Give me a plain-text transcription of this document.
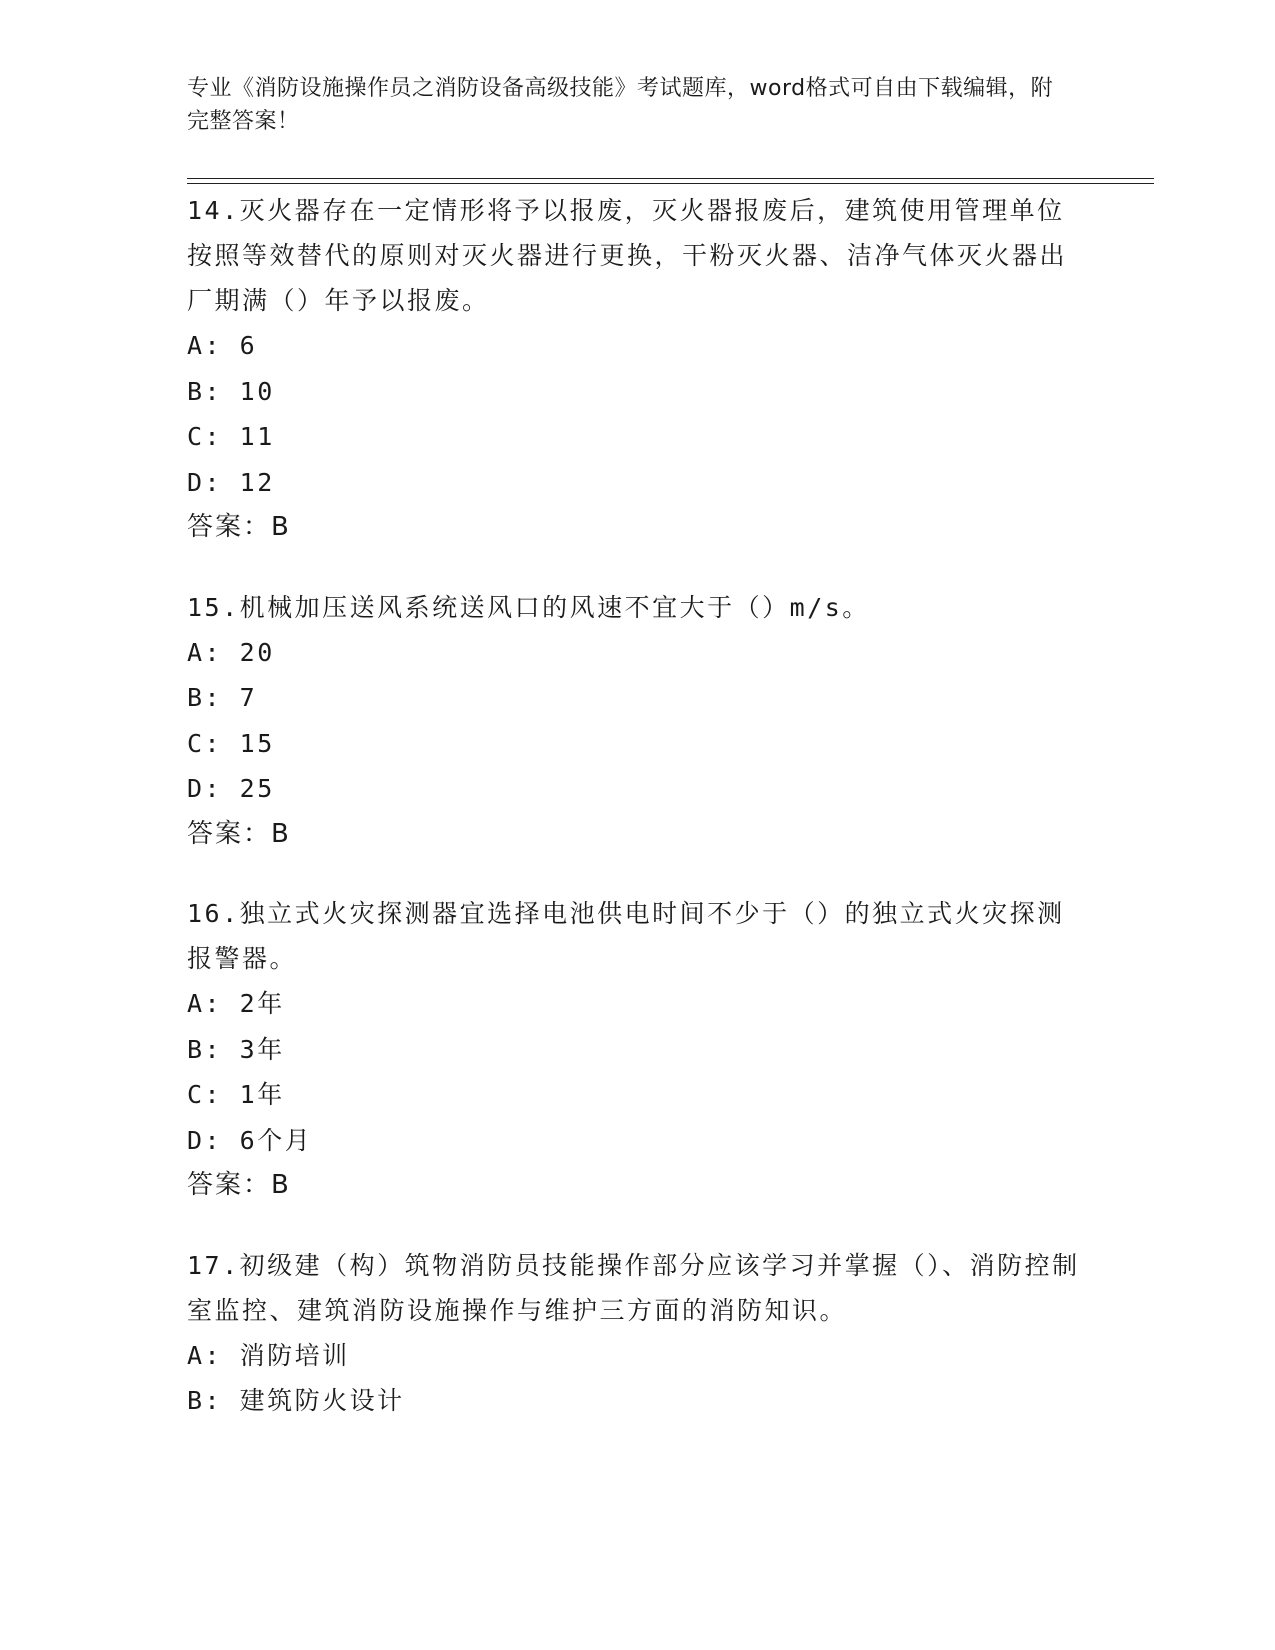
专业《消防设施操作员之消防设备高级技能》考试题库，word格式可自由下载编辑，附完整答案！
14.灭火器存在一定情形将予以报废，灭火器报废后，建筑使用管理单位按照等效替代的原则对灭火器进行更换，干粉灭火器、洁净气体灭火器出厂期满（）年予以报废。
A: 6
B: 10
C: 11
D: 12
答案：B
15.机械加压送风系统送风口的风速不宜大于（）m/s。
A: 20
B: 7
C: 15
D: 25
答案：B
16.独立式火灾探测器宜选择电池供电时间不少于（）的独立式火灾探测报警器。
A: 2年
B: 3年
C: 1年
D: 6个月
答案：B
17.初级建（构）筑物消防员技能操作部分应该学习并掌握（）、消防控制室监控、建筑消防设施操作与维护三方面的消防知识。
A: 消防培训
B: 建筑防火设计
